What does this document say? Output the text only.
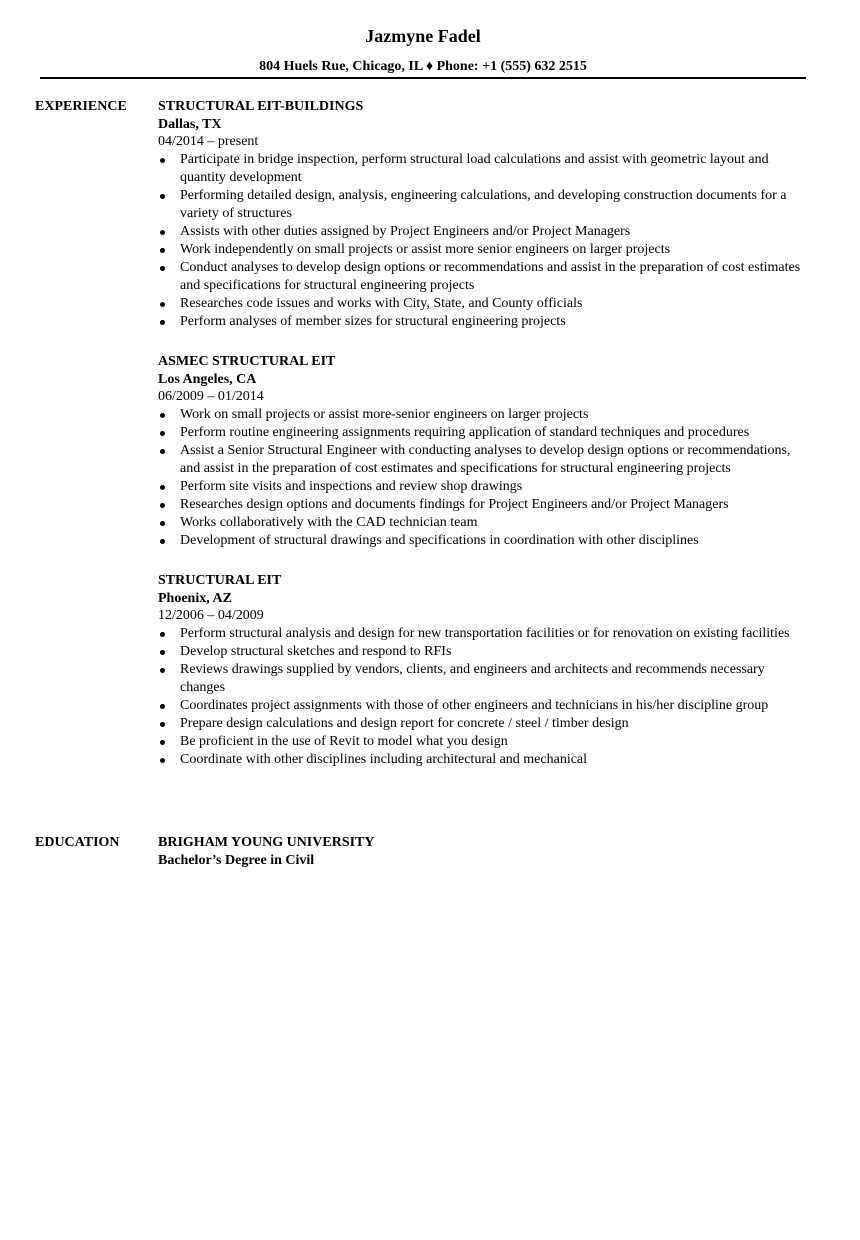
Jazmyne Fadel
804 Huels Rue, Chicago, IL ♦ Phone: +1 (555) 632 2515
EXPERIENCE STRUCTURAL EIT-BUILDINGS
Dallas, TX
04/2014 – present
Participate in bridge inspection, perform structural load calculations and assist with geometric layout and quantity development
Performing detailed design, analysis, engineering calculations, and developing construction documents for a variety of structures
Assists with other duties assigned by Project Engineers and/or Project Managers
Work independently on small projects or assist more senior engineers on larger projects
Conduct analyses to develop design options or recommendations and assist in the preparation of cost estimates and specifications for structural engineering projects
Researches code issues and works with City, State, and County officials
Perform analyses of member sizes for structural engineering projects
ASMEC STRUCTURAL EIT
Los Angeles, CA
06/2009 – 01/2014
Work on small projects or assist more-senior engineers on larger projects
Perform routine engineering assignments requiring application of standard techniques and procedures
Assist a Senior Structural Engineer with conducting analyses to develop design options or recommendations, and assist in the preparation of cost estimates and specifications for structural engineering projects
Perform site visits and inspections and review shop drawings
Researches design options and documents findings for Project Engineers and/or Project Managers
Works collaboratively with the CAD technician team
Development of structural drawings and specifications in coordination with other disciplines
STRUCTURAL EIT
Phoenix, AZ
12/2006 – 04/2009
Perform structural analysis and design for new transportation facilities or for renovation on existing facilities
Develop structural sketches and respond to RFIs
Reviews drawings supplied by vendors, clients, and engineers and architects and recommends necessary changes
Coordinates project assignments with those of other engineers and technicians in his/her discipline group
Prepare design calculations and design report for concrete / steel / timber design
Be proficient in the use of Revit to model what you design
Coordinate with other disciplines including architectural and mechanical
EDUCATION	BRIGHAM YOUNG UNIVERSITY
Bachelor’s Degree in Civil
